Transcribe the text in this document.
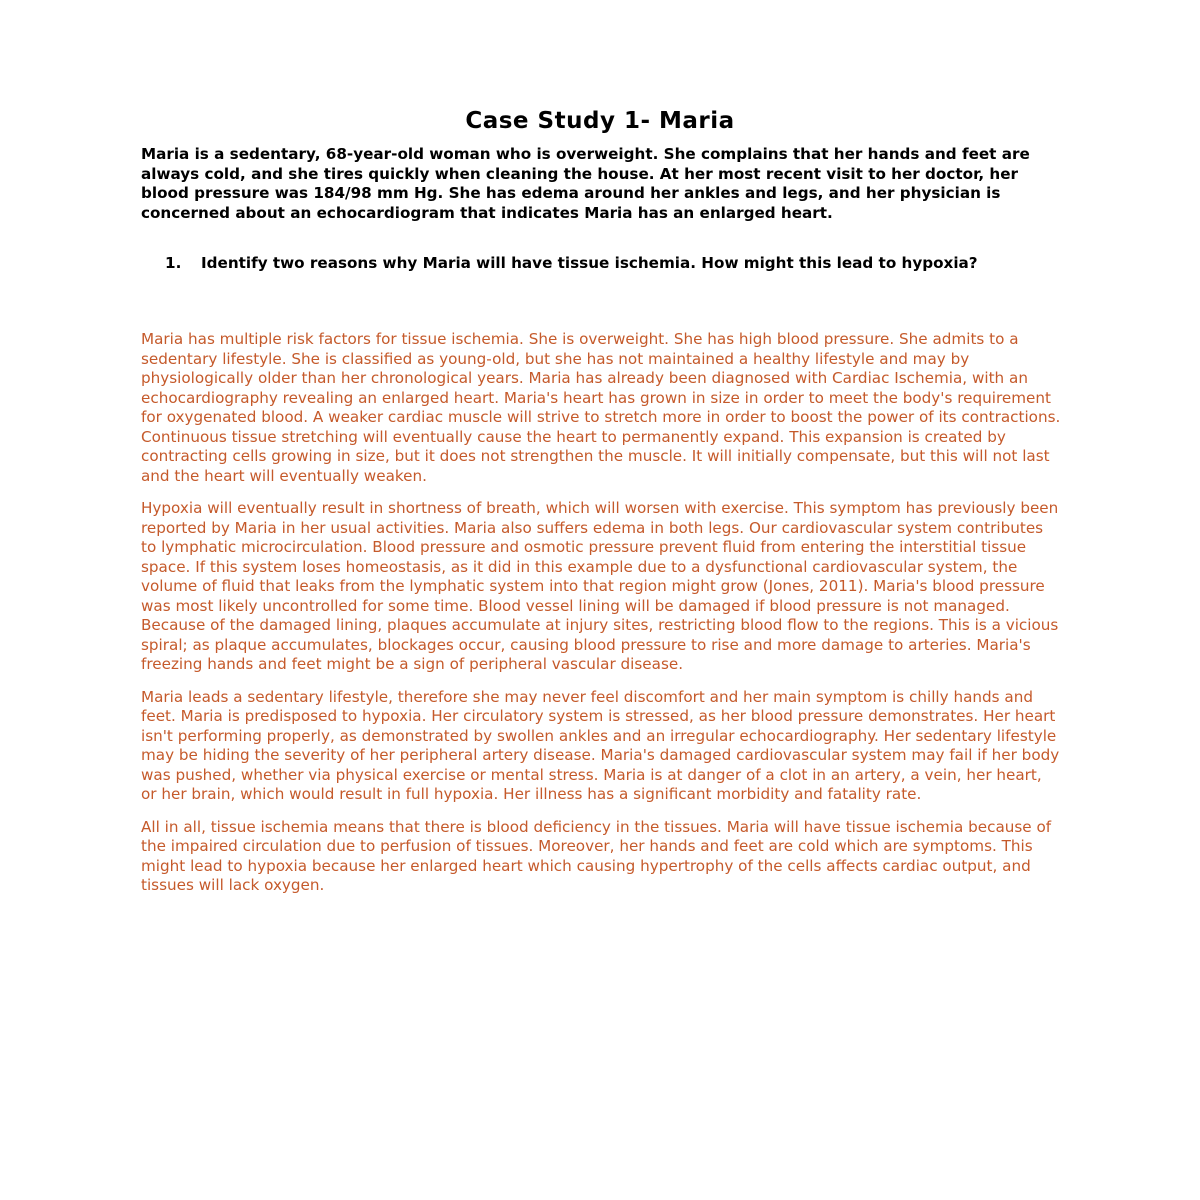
Case Study 1- Maria

Maria is a sedentary, 68-year-old woman who is overweight. She complains that her hands and feet are always cold, and she tires quickly when cleaning the house. At her most recent visit to her doctor, her blood pressure was 184/98 mm Hg. She has edema around her ankles and legs, and her physician is concerned about an echocardiogram that indicates Maria has an enlarged heart.

1.	Identify two reasons why Maria will have tissue ischemia. How might this lead to hypoxia?

Maria has multiple risk factors for tissue ischemia. She is overweight. She has high blood pressure. She admits to a sedentary lifestyle. She is classified as young-old, but she has not maintained a healthy lifestyle and may by physiologically older than her chronological years. Maria has already been diagnosed with Cardiac Ischemia, with an echocardiography revealing an enlarged heart. Maria's heart has grown in size in order to meet the body's requirement for oxygenated blood. A weaker cardiac muscle will strive to stretch more in order to boost the power of its contractions. Continuous tissue stretching will eventually cause the heart to permanently expand. This expansion is created by contracting cells growing in size, but it does not strengthen the muscle. It will initially compensate, but this will not last and the heart will eventually weaken.

Hypoxia will eventually result in shortness of breath, which will worsen with exercise. This symptom has previously been reported by Maria in her usual activities. Maria also suffers edema in both legs. Our cardiovascular system contributes to lymphatic microcirculation. Blood pressure and osmotic pressure prevent fluid from entering the interstitial tissue space. If this system loses homeostasis, as it did in this example due to a dysfunctional cardiovascular system, the volume of fluid that leaks from the lymphatic system into that region might grow (Jones, 2011). Maria's blood pressure was most likely uncontrolled for some time. Blood vessel lining will be damaged if blood pressure is not managed. Because of the damaged lining, plaques accumulate at injury sites, restricting blood flow to the regions. This is a vicious spiral; as plaque accumulates, blockages occur, causing blood pressure to rise and more damage to arteries. Maria's freezing hands and feet might be a sign of peripheral vascular disease.

Maria leads a sedentary lifestyle, therefore she may never feel discomfort and her main symptom is chilly hands and feet. Maria is predisposed to hypoxia. Her circulatory system is stressed, as her blood pressure demonstrates. Her heart isn't performing properly, as demonstrated by swollen ankles and an irregular echocardiography. Her sedentary lifestyle may be hiding the severity of her peripheral artery disease. Maria's damaged cardiovascular system may fail if her body was pushed, whether via physical exercise or mental stress. Maria is at danger of a clot in an artery, a vein, her heart, or her brain, which would result in full hypoxia. Her illness has a significant morbidity and fatality rate.

All in all, tissue ischemia means that there is blood deficiency in the tissues. Maria will have tissue ischemia because of the impaired circulation due to perfusion of tissues. Moreover, her hands and feet are cold which are symptoms. This might lead to hypoxia because her enlarged heart which causing hypertrophy of the cells affects cardiac output, and tissues will lack oxygen.
